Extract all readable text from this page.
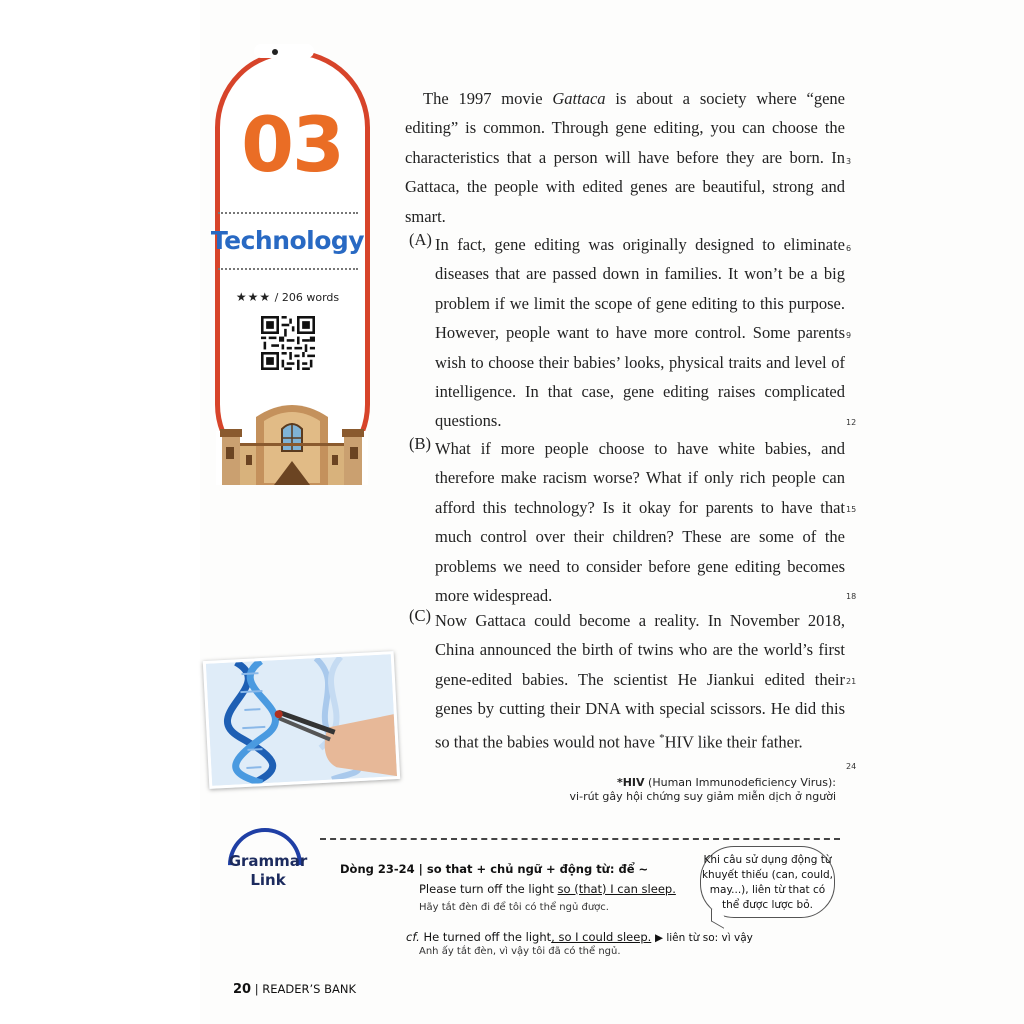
03
Technology
★★★ / 206 words
The 1997 movie Gattaca is about a society where “gene editing” is common. Through gene editing, you can choose the characteristics that a person will have before they are born. In Gattaca, the people with edited genes are beautiful, strong and smart.
(A) In fact, gene editing was originally designed to eliminate diseases that are passed down in families. It won’t be a big problem if we limit the scope of gene editing to this purpose. However, people want to have more control. Some parents wish to choose their babies’ looks, physical traits and level of intelligence. In that case, gene editing raises complicated questions.
(B) What if more people choose to have white babies, and therefore make racism worse? What if only rich people can afford this technology? Is it okay for parents to have that much control over their children? These are some of the problems we need to consider before gene editing becomes more widespread.
(C) Now Gattaca could become a reality. In November 2018, China announced the birth of twins who are the world’s first gene-edited babies. The scientist He Jiankui edited their genes by cutting their DNA with special scissors. He did this so that the babies would not have *HIV like their father.
3
6
9
12
15
18
21
24
*HIV (Human Immunodeficiency Virus):
vi-rút gây hội chứng suy giảm miễn dịch ở người
Grammar
Link
Dòng 23-24 | so that + chủ ngữ + động từ: để ~
Please turn off the light so (that) I can sleep.
Hãy tắt đèn đi để tôi có thể ngủ được.
cf. He turned off the light, so I could sleep. ▶ liên từ so: vì vậy
Anh ấy tắt đèn, vì vậy tôi đã có thể ngủ.
Khi câu sử dụng động từ khuyết thiếu (can, could, may...), liên từ that có thể được lược bỏ.
20 | READER’S BANK
